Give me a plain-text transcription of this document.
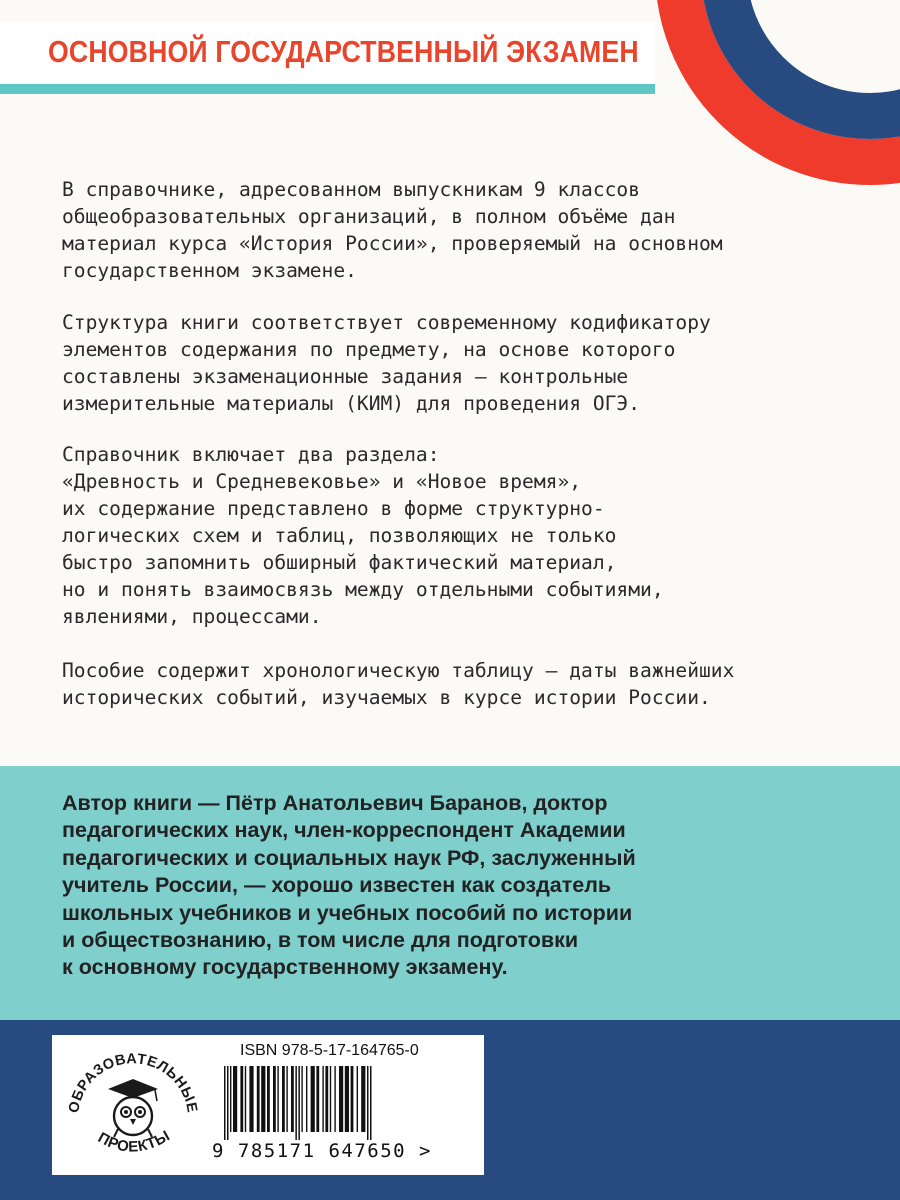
ОСНОВНОЙ ГОСУДАРСТВЕННЫЙ ЭКЗАМЕН
В справочнике, адресованном выпускникам 9 классов
общеобразовательных организаций, в полном объёме дан
материал курса «История России», проверяемый на основном
государственном экзамене.
Структура книги соответствует современному кодификатору
элементов содержания по предмету, на основе которого
составлены экзаменационные задания — контрольные
измерительные материалы (КИМ) для проведения ОГЭ.
Справочник включает два раздела:
«Древность и Средневековье» и «Новое время»,
их содержание представлено в форме структурно-
логических схем и таблиц, позволяющих не только
быстро запомнить обширный фактический материал,
но и понять взаимосвязь между отдельными событиями,
явлениями, процессами.
Пособие содержит хронологическую таблицу — даты важнейших
исторических событий, изучаемых в курсе истории России.
Автор книги — Пётр Анатольевич Баранов, доктор
педагогических наук, член-корреспондент Академии
педагогических и социальных наук РФ, заслуженный
учитель России, — хорошо известен как создатель
школьных учебников и учебных пособий по истории
и обществознанию, в том числе для подготовки
к основному государственному экзамену.
ОБРАЗОВАТЕЛЬНЫЕ
ПРОЕКТЫ
ISBN 978-5-17-164765-0
9 785171 647650 >
